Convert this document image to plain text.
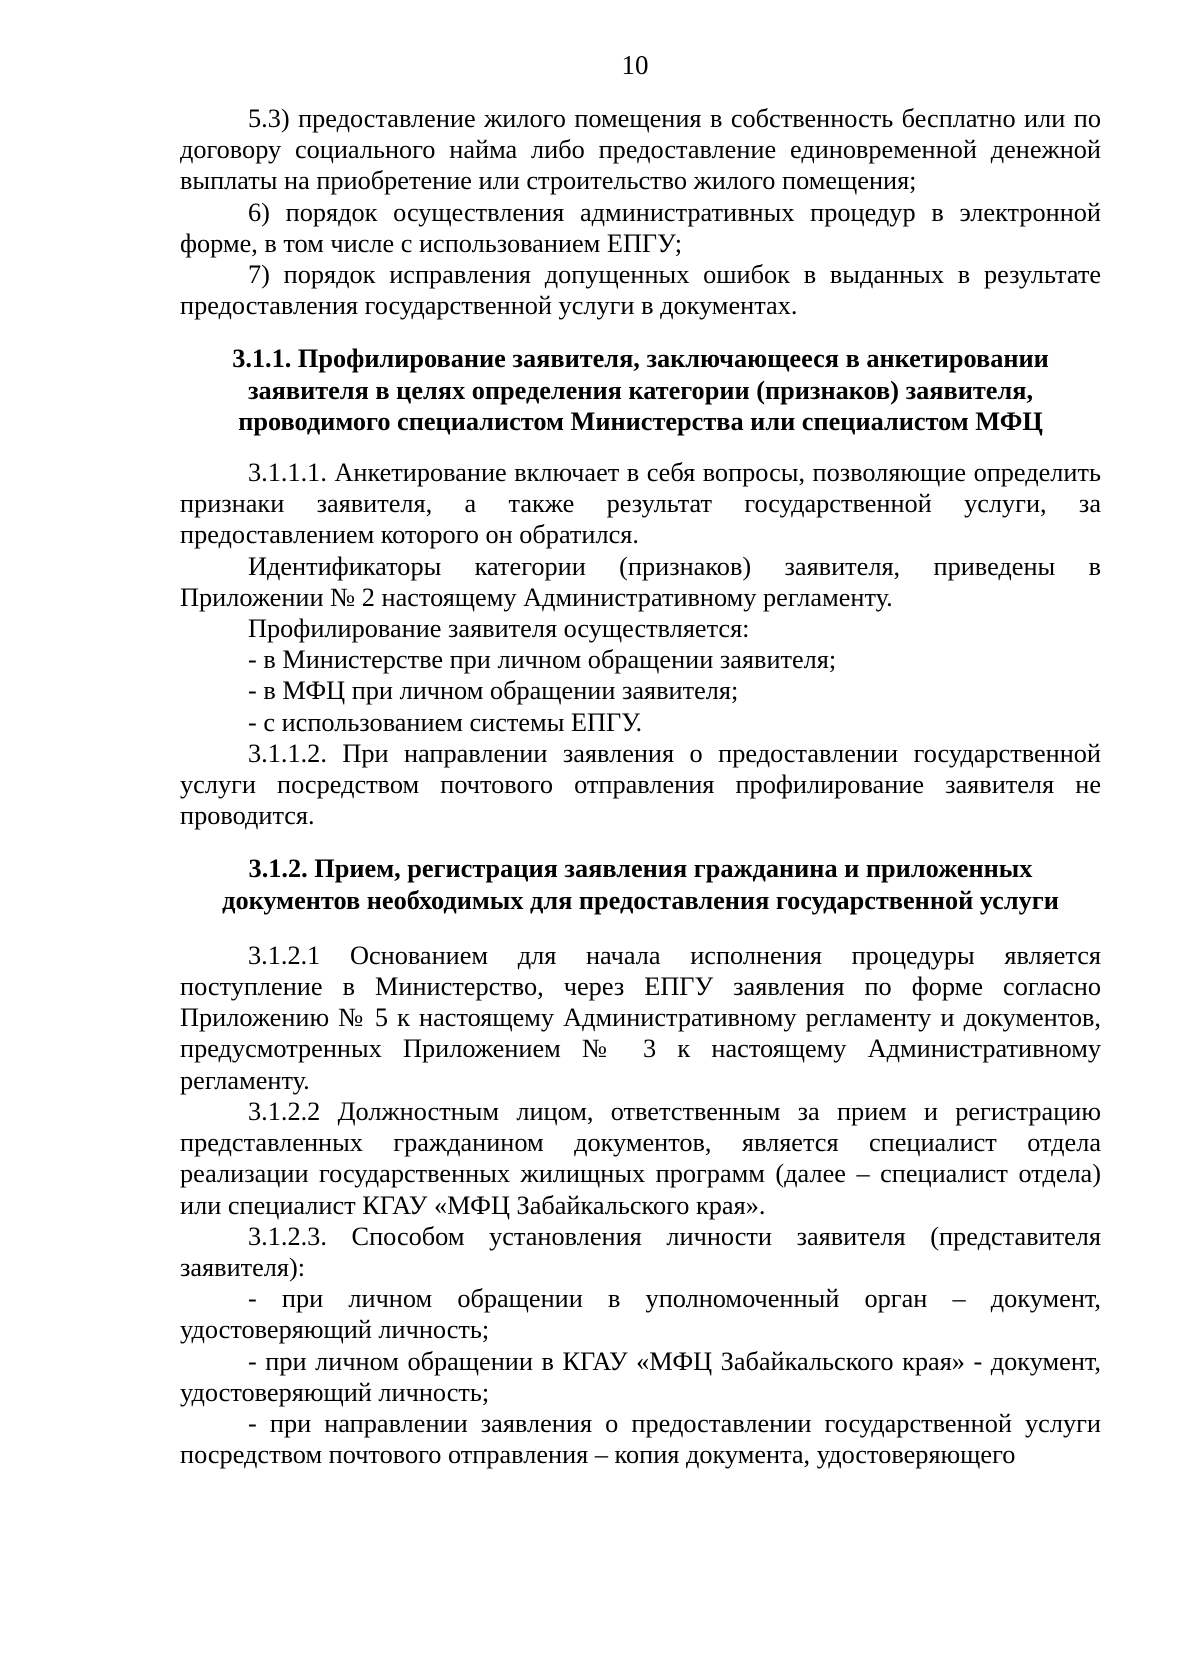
10

5.3) предоставление жилого помещения в собственность бесплатно или по договору социального найма либо предоставление единовременной денежной выплаты на приобретение или строительство жилого помещения;

6) порядок осуществления административных процедур в электронной форме, в том числе с использованием ЕПГУ;

7) порядок исправления допущенных ошибок в выданных в результате предоставления государственной услуги в документах.

3.1.1. Профилирование заявителя, заключающееся в анкетировании

заявителя в целях определения категории (признаков) заявителя,

проводимого специалистом Министерства или специалистом МФЦ

3.1.1.1. Анкетирование включает в себя вопросы, позволяющие определить признаки заявителя, а также результат государственной услуги, за предоставлением которого он обратился.

Идентификаторы категории (признаков) заявителя, приведены в Приложении № 2 настоящему Административному регламенту.

Профилирование заявителя осуществляется:

- в Министерстве при личном обращении заявителя;

- в МФЦ при личном обращении заявителя;

- с использованием системы ЕПГУ.

3.1.1.2. При направлении заявления о предоставлении государственной услуги посредством почтового отправления профилирование заявителя не проводится.

3.1.2. Прием, регистрация заявления гражданина и приложенных

документов необходимых для предоставления государственной услуги

3.1.2.1 Основанием для начала исполнения процедуры является поступление в Министерство, через ЕПГУ заявления по форме согласно Приложению № 5 к настоящему Административному регламенту и документов, предусмотренных Приложением № 3 к настоящему Административному регламенту.

3.1.2.2 Должностным лицом, ответственным за прием и регистрацию представленных гражданином документов, является специалист отдела реализации государственных жилищных программ (далее – специалист отдела) или специалист КГАУ «МФЦ Забайкальского края».

3.1.2.3. Способом установления личности заявителя (представителя заявителя):

- при личном обращении в уполномоченный орган – документ, удостоверяющий личность;

- при личном обращении в КГАУ «МФЦ Забайкальского края» - документ, удостоверяющий личность;

- при направлении заявления о предоставлении государственной услуги посредством почтового отправления – копия документа, удостоверяющего
